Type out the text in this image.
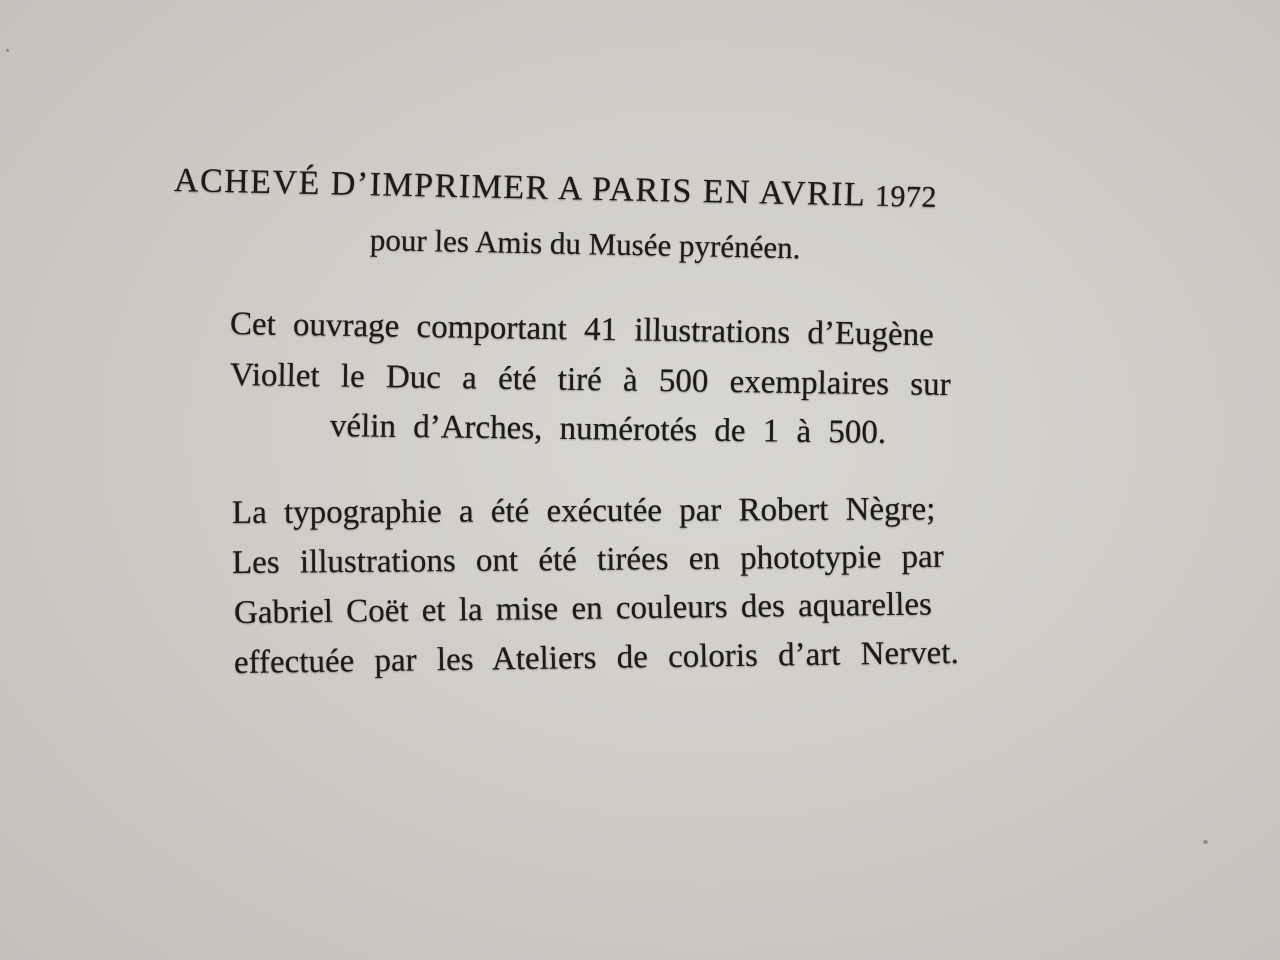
ACHEVÉ D’IMPRIMER A PARIS EN AVRIL 1972
pour les Amis du Musée pyrénéen.
Cet ouvrage comportant 41 illustrations d’Eugène
Viollet le Duc a été tiré à 500 exemplaires sur
vélin d’Arches, numérotés de 1 à 500.
La typographie a été exécutée par Robert Nègre;
Les illustrations ont été tirées en phototypie par
Gabriel Coët et la mise en couleurs des aquarelles
effectuée par les Ateliers de coloris d’art Nervet.
